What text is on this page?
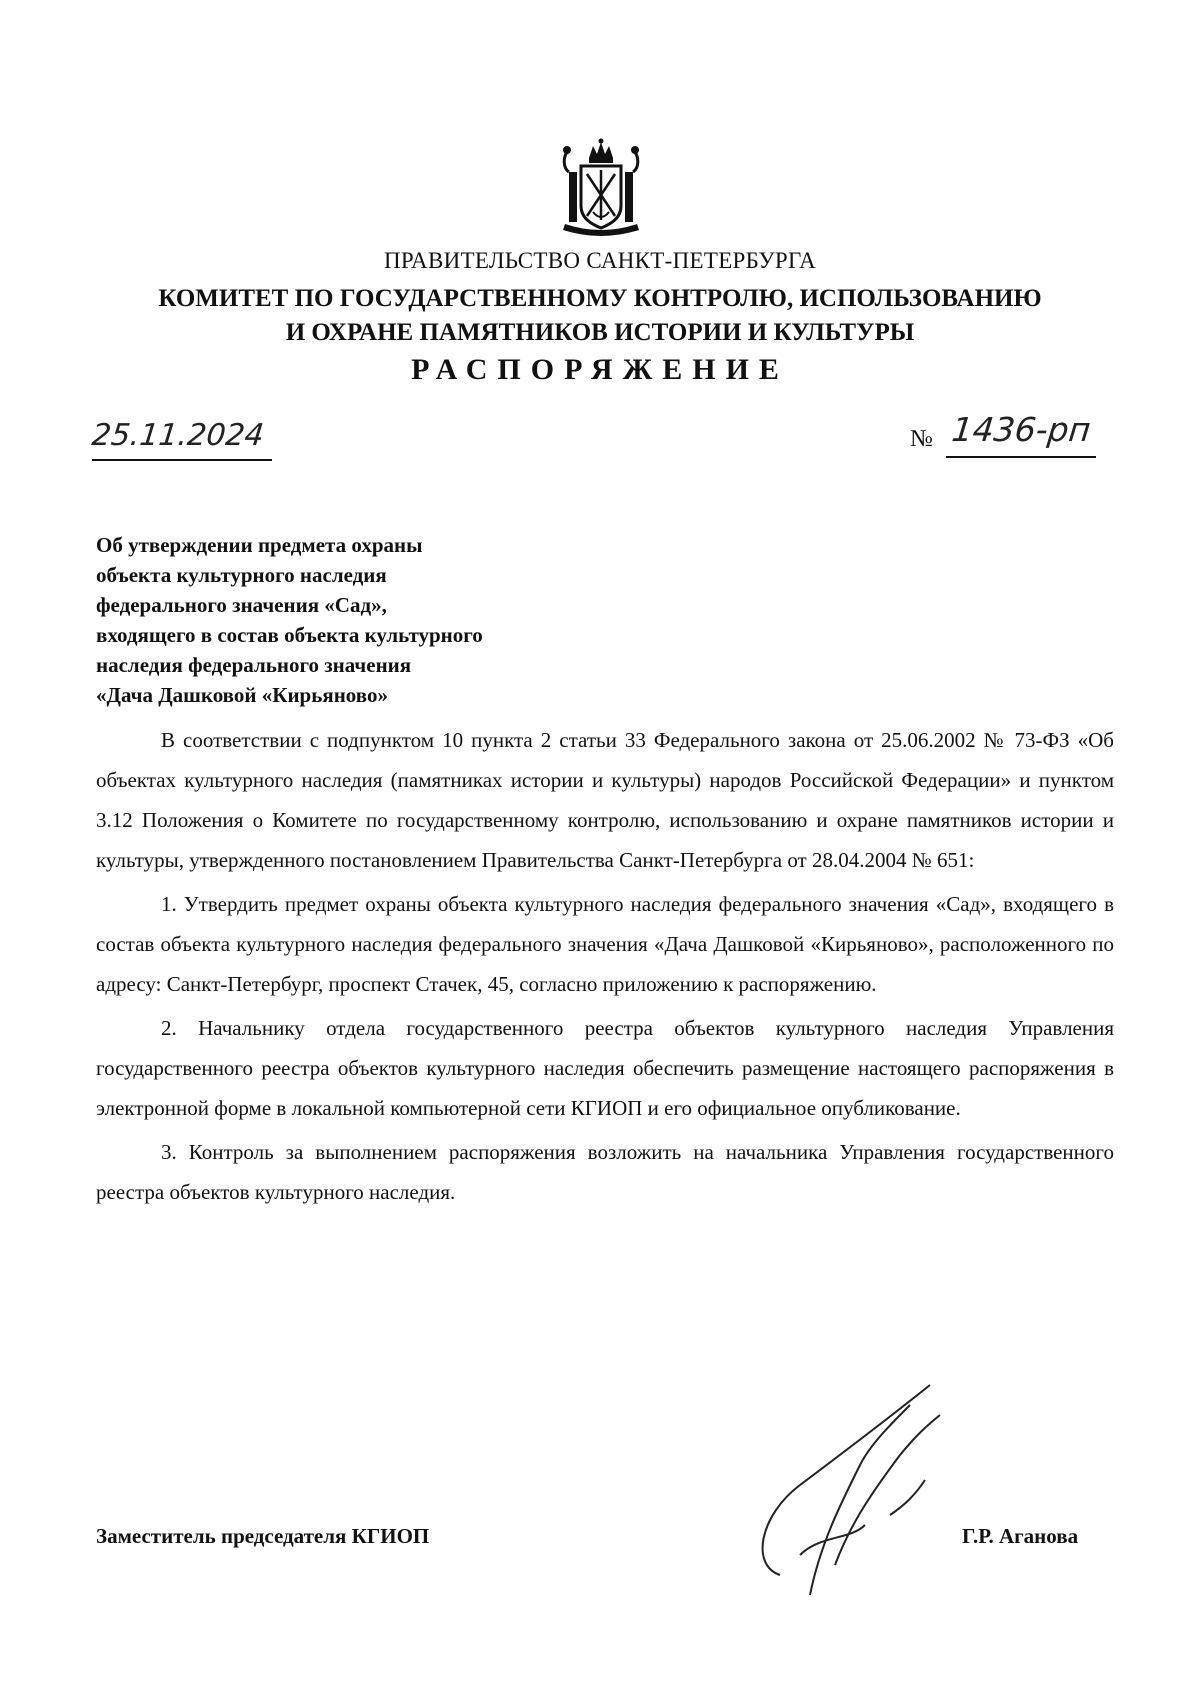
ПРАВИТЕЛЬСТВО САНКТ-ПЕТЕРБУРГА
КОМИТЕТ ПО ГОСУДАРСТВЕННОМУ КОНТРОЛЮ, ИСПОЛЬЗОВАНИЮ
И ОХРАНЕ ПАМЯТНИКОВ ИСТОРИИ И КУЛЬТУРЫ
РАСПОРЯЖЕНИЕ
25.11.2024	№ 1436-рп
Об утверждении предмета охраны
объекта культурного наследия
федерального значения «Сад»,
входящего в состав объекта культурного
наследия федерального значения
«Дача Дашковой «Кирьяново»

В соответствии с подпунктом 10 пункта 2 статьи 33 Федерального закона от 25.06.2002 № 73-ФЗ «Об объектах культурного наследия (памятниках истории и культуры) народов Российской Федерации» и пунктом 3.12 Положения о Комитете по государственному контролю, использованию и охране памятников истории и культуры, утвержденного постановлением Правительства Санкт-Петербурга от 28.04.2004 № 651:

1. Утвердить предмет охраны объекта культурного наследия федерального значения «Сад», входящего в состав объекта культурного наследия федерального значения «Дача Дашковой «Кирьяново», расположенного по адресу: Санкт-Петербург, проспект Стачек, 45, согласно приложению к распоряжению.

2. Начальнику отдела государственного реестра объектов культурного наследия Управления государственного реестра объектов культурного наследия обеспечить размещение настоящего распоряжения в электронной форме в локальной компьютерной сети КГИОП и его официальное опубликование.

3. Контроль за выполнением распоряжения возложить на начальника Управления государственного реестра объектов культурного наследия.

Заместитель председателя КГИОП	Г.Р. Аганова
